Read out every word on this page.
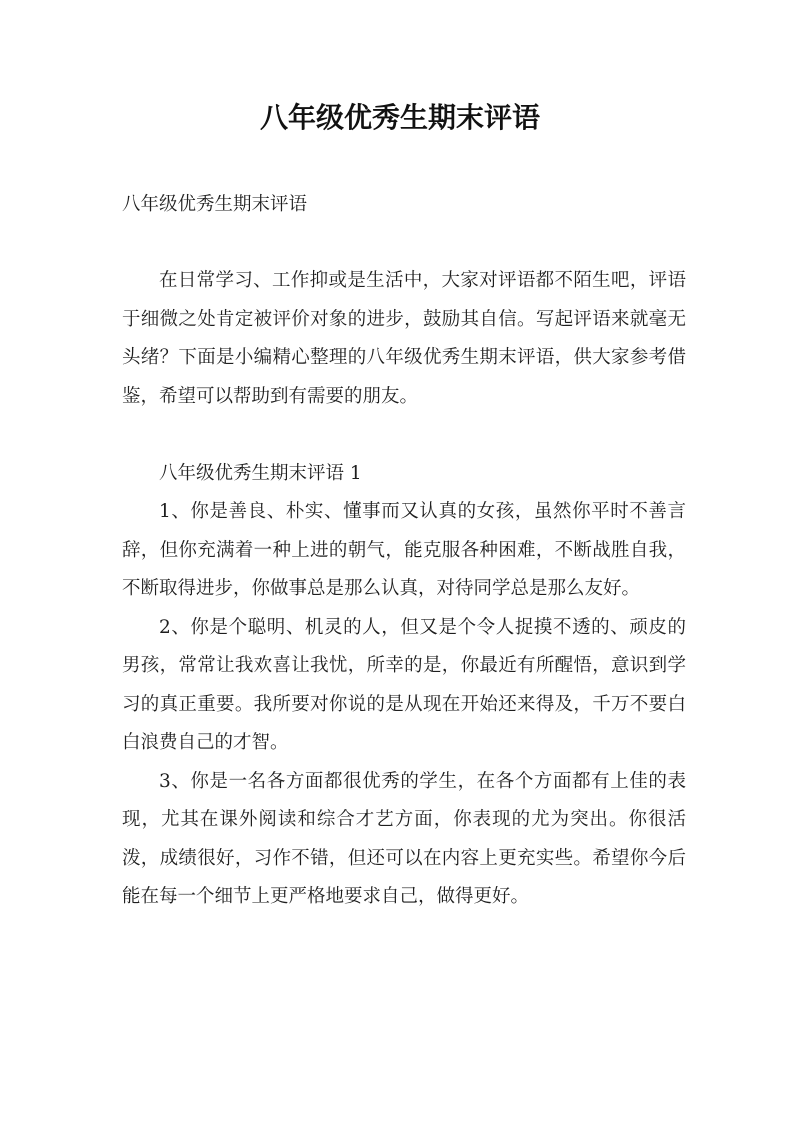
八年级优秀生期末评语
八年级优秀生期末评语

在日常学习、工作抑或是生活中，大家对评语都不陌生吧，评语于细微之处肯定被评价对象的进步，鼓励其自信。写起评语来就毫无头绪？下面是小编精心整理的八年级优秀生期末评语，供大家参考借鉴，希望可以帮助到有需要的朋友。

八年级优秀生期末评语 1

1、你是善良、朴实、懂事而又认真的女孩，虽然你平时不善言辞，但你充满着一种上进的朝气，能克服各种困难，不断战胜自我，不断取得进步，你做事总是那么认真，对待同学总是那么友好。

2、你是个聪明、机灵的人，但又是个令人捉摸不透的、顽皮的男孩，常常让我欢喜让我忧，所幸的是，你最近有所醒悟，意识到学习的真正重要。我所要对你说的是从现在开始还来得及，千万不要白白浪费自己的才智。

3、你是一名各方面都很优秀的学生，在各个方面都有上佳的表现，尤其在课外阅读和综合才艺方面，你表现的尤为突出。你很活泼，成绩很好，习作不错，但还可以在内容上更充实些。希望你今后能在每一个细节上更严格地要求自己，做得更好。
